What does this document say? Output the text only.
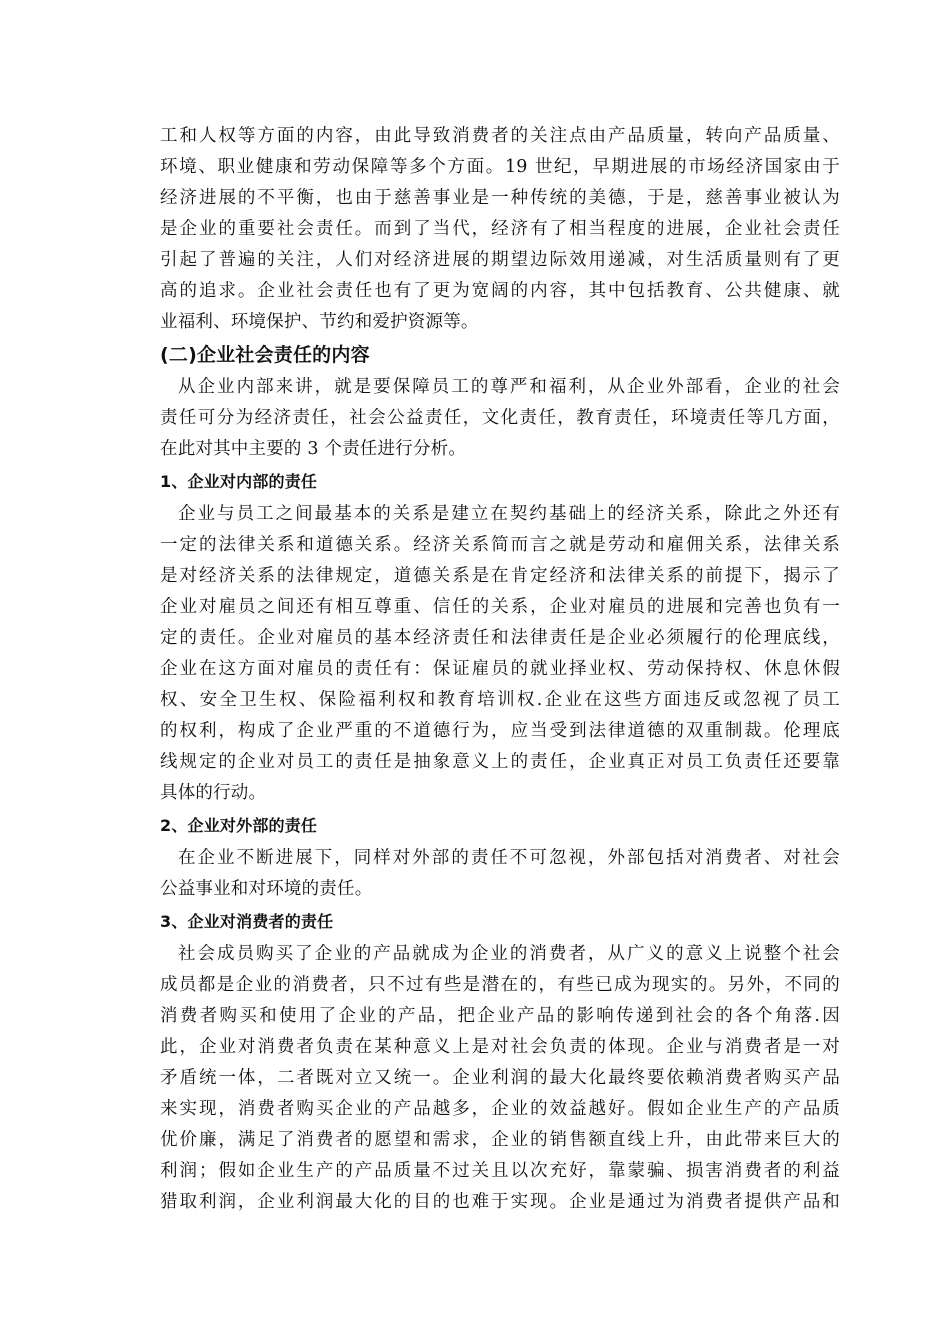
工和人权等方面的内容，由此导致消费者的关注点由产品质量，转向产品质量、
环境、职业健康和劳动保障等多个方面。19 世纪，早期进展的市场经济国家由于
经济进展的不平衡，也由于慈善事业是一种传统的美德，于是，慈善事业被认为
是企业的重要社会责任。而到了当代，经济有了相当程度的进展，企业社会责任
引起了普遍的关注，人们对经济进展的期望边际效用递减，对生活质量则有了更
高的追求。企业社会责任也有了更为宽阔的内容，其中包括教育、公共健康、就
业福利、环境保护、节约和爱护资源等。
(二)企业社会责任的内容
从企业内部来讲，就是要保障员工的尊严和福利，从企业外部看，企业的社会
责任可分为经济责任，社会公益责任，文化责任，教育责任，环境责任等几方面，
在此对其中主要的 3 个责任进行分析。
1、企业对内部的责任
企业与员工之间最基本的关系是建立在契约基础上的经济关系，除此之外还有
一定的法律关系和道德关系。经济关系简而言之就是劳动和雇佣关系，法律关系
是对经济关系的法律规定，道德关系是在肯定经济和法律关系的前提下，揭示了
企业对雇员之间还有相互尊重、信任的关系，企业对雇员的进展和完善也负有一
定的责任。企业对雇员的基本经济责任和法律责任是企业必须履行的伦理底线，
企业在这方面对雇员的责任有：保证雇员的就业择业权、劳动保持权、休息休假
权、安全卫生权、保险福利权和教育培训权.企业在这些方面违反或忽视了员工
的权利，构成了企业严重的不道德行为，应当受到法律道德的双重制裁。伦理底
线规定的企业对员工的责任是抽象意义上的责任，企业真正对员工负责任还要靠
具体的行动。
2、企业对外部的责任
在企业不断进展下，同样对外部的责任不可忽视，外部包括对消费者、对社会
公益事业和对环境的责任。
3、企业对消费者的责任
社会成员购买了企业的产品就成为企业的消费者，从广义的意义上说整个社会
成员都是企业的消费者，只不过有些是潜在的，有些已成为现实的。另外，不同的
消费者购买和使用了企业的产品，把企业产品的影响传递到社会的各个角落.因
此，企业对消费者负责在某种意义上是对社会负责的体现。企业与消费者是一对
矛盾统一体，二者既对立又统一。企业利润的最大化最终要依赖消费者购买产品
来实现，消费者购买企业的产品越多，企业的效益越好。假如企业生产的产品质
优价廉，满足了消费者的愿望和需求，企业的销售额直线上升，由此带来巨大的
利润；假如企业生产的产品质量不过关且以次充好，靠蒙骗、损害消费者的利益
猎取利润，企业利润最大化的目的也难于实现。企业是通过为消费者提供产品和
